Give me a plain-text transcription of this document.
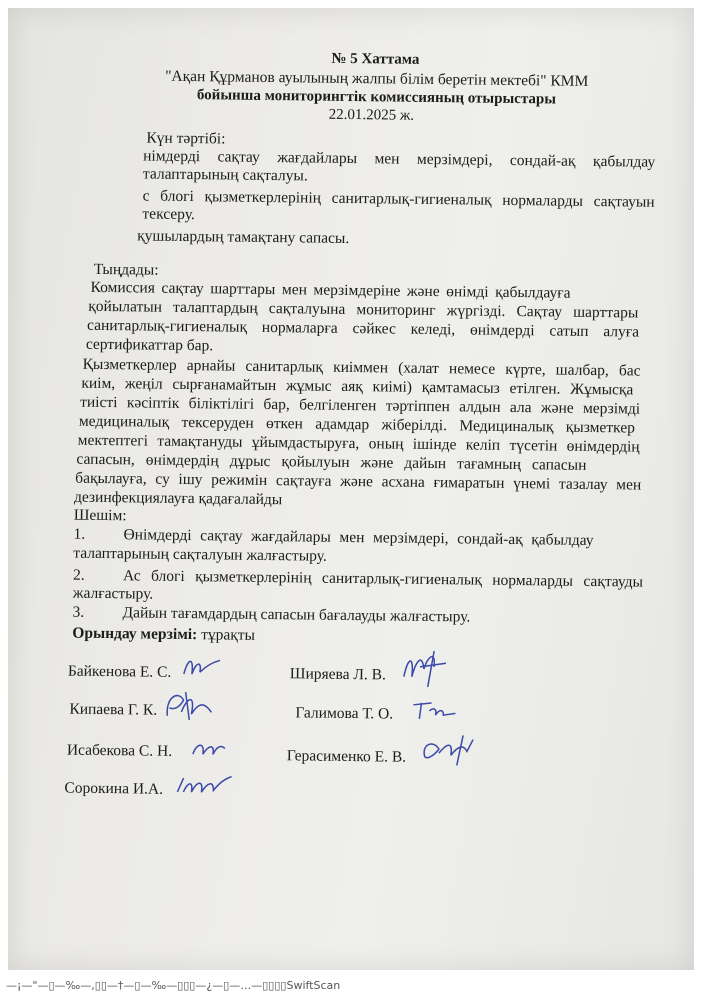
№ 5 Хаттама
"Ақан Құрманов ауылының жалпы білім беретін мектебі" КММ
бойынша мониторингтік комиссияның отырыстары
22.01.2025 ж.
Күн тәртібі:
німдерді сақтау жағдайлары мен мерзімдері, сондай-ақ қабылдау
талаптарының сақталуы.
с блогі қызметкерлерінің санитарлық-гигиеналық нормаларды сақтауын
тексеру.
қушылардың тамақтану сапасы.
Тыңдады:
Комиссия сақтау шарттары мен мерзімдеріне және өнімді қабылдауға
қойылатын талаптардың сақталуына мониторинг жүргізді. Сақтау шарттары
санитарлық-гигиеналық нормаларға сәйкес келеді, өнімдерді сатып алуға
сертификаттар бар.
Қызметкерлер арнайы санитарлық киіммен (халат немесе күрте, шалбар, бас
киім, жеңіл сырғанамайтын жұмыс аяқ киімі) қамтамасыз етілген. Жұмысқа
тиісті кәсіптік біліктілігі бар, белгіленген тәртіппен алдын ала және мерзімді
медициналық тексеруден өткен адамдар жіберілді. Медициналық қызметкер
мектептегі тамақтануды ұйымдастыруға, оның ішінде келіп түсетін өнімдердің
сапасын, өнімдердің дұрыс қойылуын және дайын тағамның сапасын
бақылауға, су ішу режимін сақтауға және асхана ғимаратын үнемі тазалау мен
дезинфекциялауға қадағалайды
Шешім:
1. Өнімдерді сақтау жағдайлары мен мерзімдері, сондай-ақ қабылдау
талаптарының сақталуын жалғастыру.
2. Ас блогі қызметкерлерінің санитарлық-гигиеналық нормаларды сақтауды
жалғастыру.
3. Дайын тағамдардың сапасын бағалауды жалғастыру.
Орындау мерзімі: тұрақты
Байкенова Е. С.	Ширяева Л. В.
Кипаева Г. К.	Галимова Т. О.
Исабекова С. Н.	Герасименко Е. В.
Сорокина И.А.
—¡—"—▯—‰—,▯▯—†—▯—‰—▯▯▯—¿—▯—…—▯▯▯▯SwiftScan
